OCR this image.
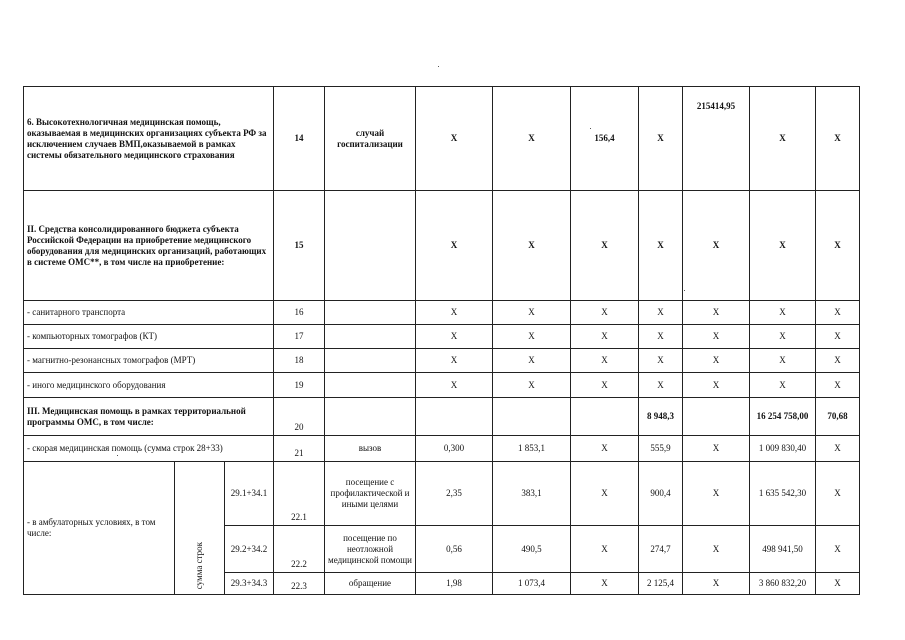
6. Высокотехнологичная медицинская помощь, оказываемая в медицинских организациях субъекта РФ за исключением случаев ВМП,оказываемой в рамках системы обязательного медицинского страхования			14	случай госпитализации	X	X	156,4	X	215414,95	X	X
II. Средства консолидированного бюджета субъекта Российской Федерации на приобретение медицинского оборудования для медицинских организаций, работающих в системе ОМС**, в том числе на приобретение:			15		X	X	X	X	X	X	X
- санитарного транспорта			16		X	X	X	X	X	X	X
- компьюторных томографов (КТ)			17		X	X	X	X	X	X	X
- магнитно-резонансных томографов (МРТ)			18		X	X	X	X	X	X	X
- иного медицинского оборудования			19		X	X	X	X	X	X	X
III. Медицинская помощь в рамках территориальной программы ОМС, в том числе:			20					8 948,3		16 254 758,00	70,68
- скорая медицинская помощь (сумма строк 28+33)			21	вызов	0,300	1 853,1	X	555,9	X	1 009 830,40	X
- в амбулаторных условиях, в том числе:	сумма строк	29.1+34.1	22.1	посещение с профилактической и иными целями	2,35	383,1	X	900,4	X	1 635 542,30	X
		29.2+34.2	22.2	посещение по неотложной медицинской помощи	0,56	490,5	X	274,7	X	498 941,50	X
		29.3+34.3	22.3	обращение	1,98	1 073,4	X	2 125,4	X	3 860 832,20	X
